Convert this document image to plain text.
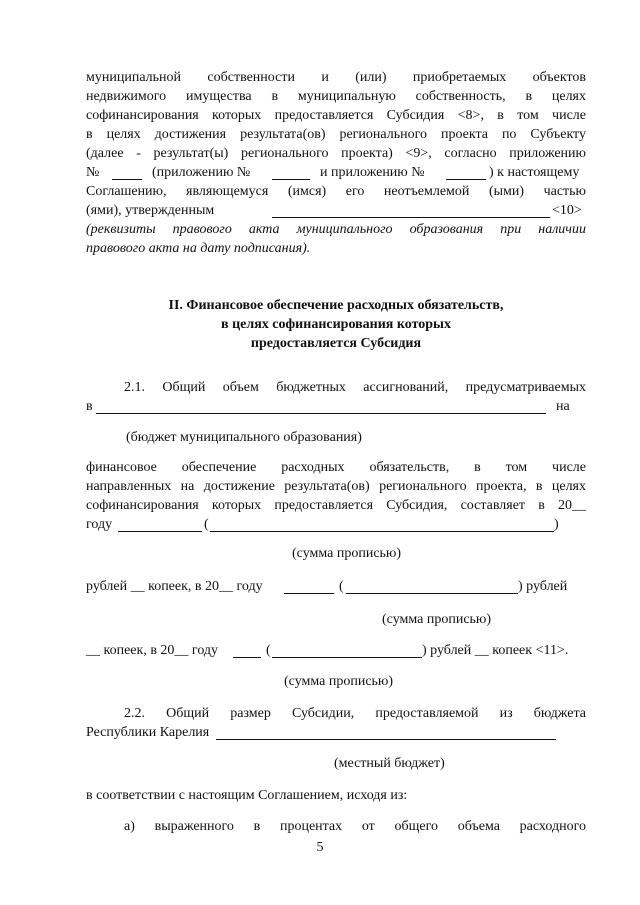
муниципальной собственности и (или) приобретаемых объектов
недвижимого имущества в муниципальную собственность, в целях
софинансирования которых предоставляется Субсидия <8>, в том числе
в целях достижения результата(ов) регионального проекта по Субъекту
(далее - результат(ы) регионального проекта) <9>, согласно приложению
№	(приложению №	и приложению №	) к настоящему
Соглашению, являющемуся (имся) его неотъемлемой (ыми) частью
(ями), утвержденным	<10>
(реквизиты правового акта муниципального образования при наличии
правового акта на дату подписания).
II. Финансовое обеспечение расходных обязательств,
в целях софинансирования которых
предоставляется Субсидия
2.1. Общий объем бюджетных ассигнований, предусматриваемых
в	на
(бюджет муниципального образования)
финансовое обеспечение расходных обязательств, в том числе
направленных на достижение результата(ов) регионального проекта, в целях
софинансирования которых предоставляется Субсидия, составляет в 20__
году	(	)
(сумма прописью)
рублей __ копеек, в 20__ году	(	) рублей
(сумма прописью)
__ копеек, в 20__ году	(	) рублей __ копеек <11>.
(сумма прописью)
2.2. Общий размер Субсидии, предоставляемой из бюджета
Республики Карелия
(местный бюджет)
в соответствии с настоящим Соглашением, исходя из:
а) выраженного в процентах от общего объема расходного
5
